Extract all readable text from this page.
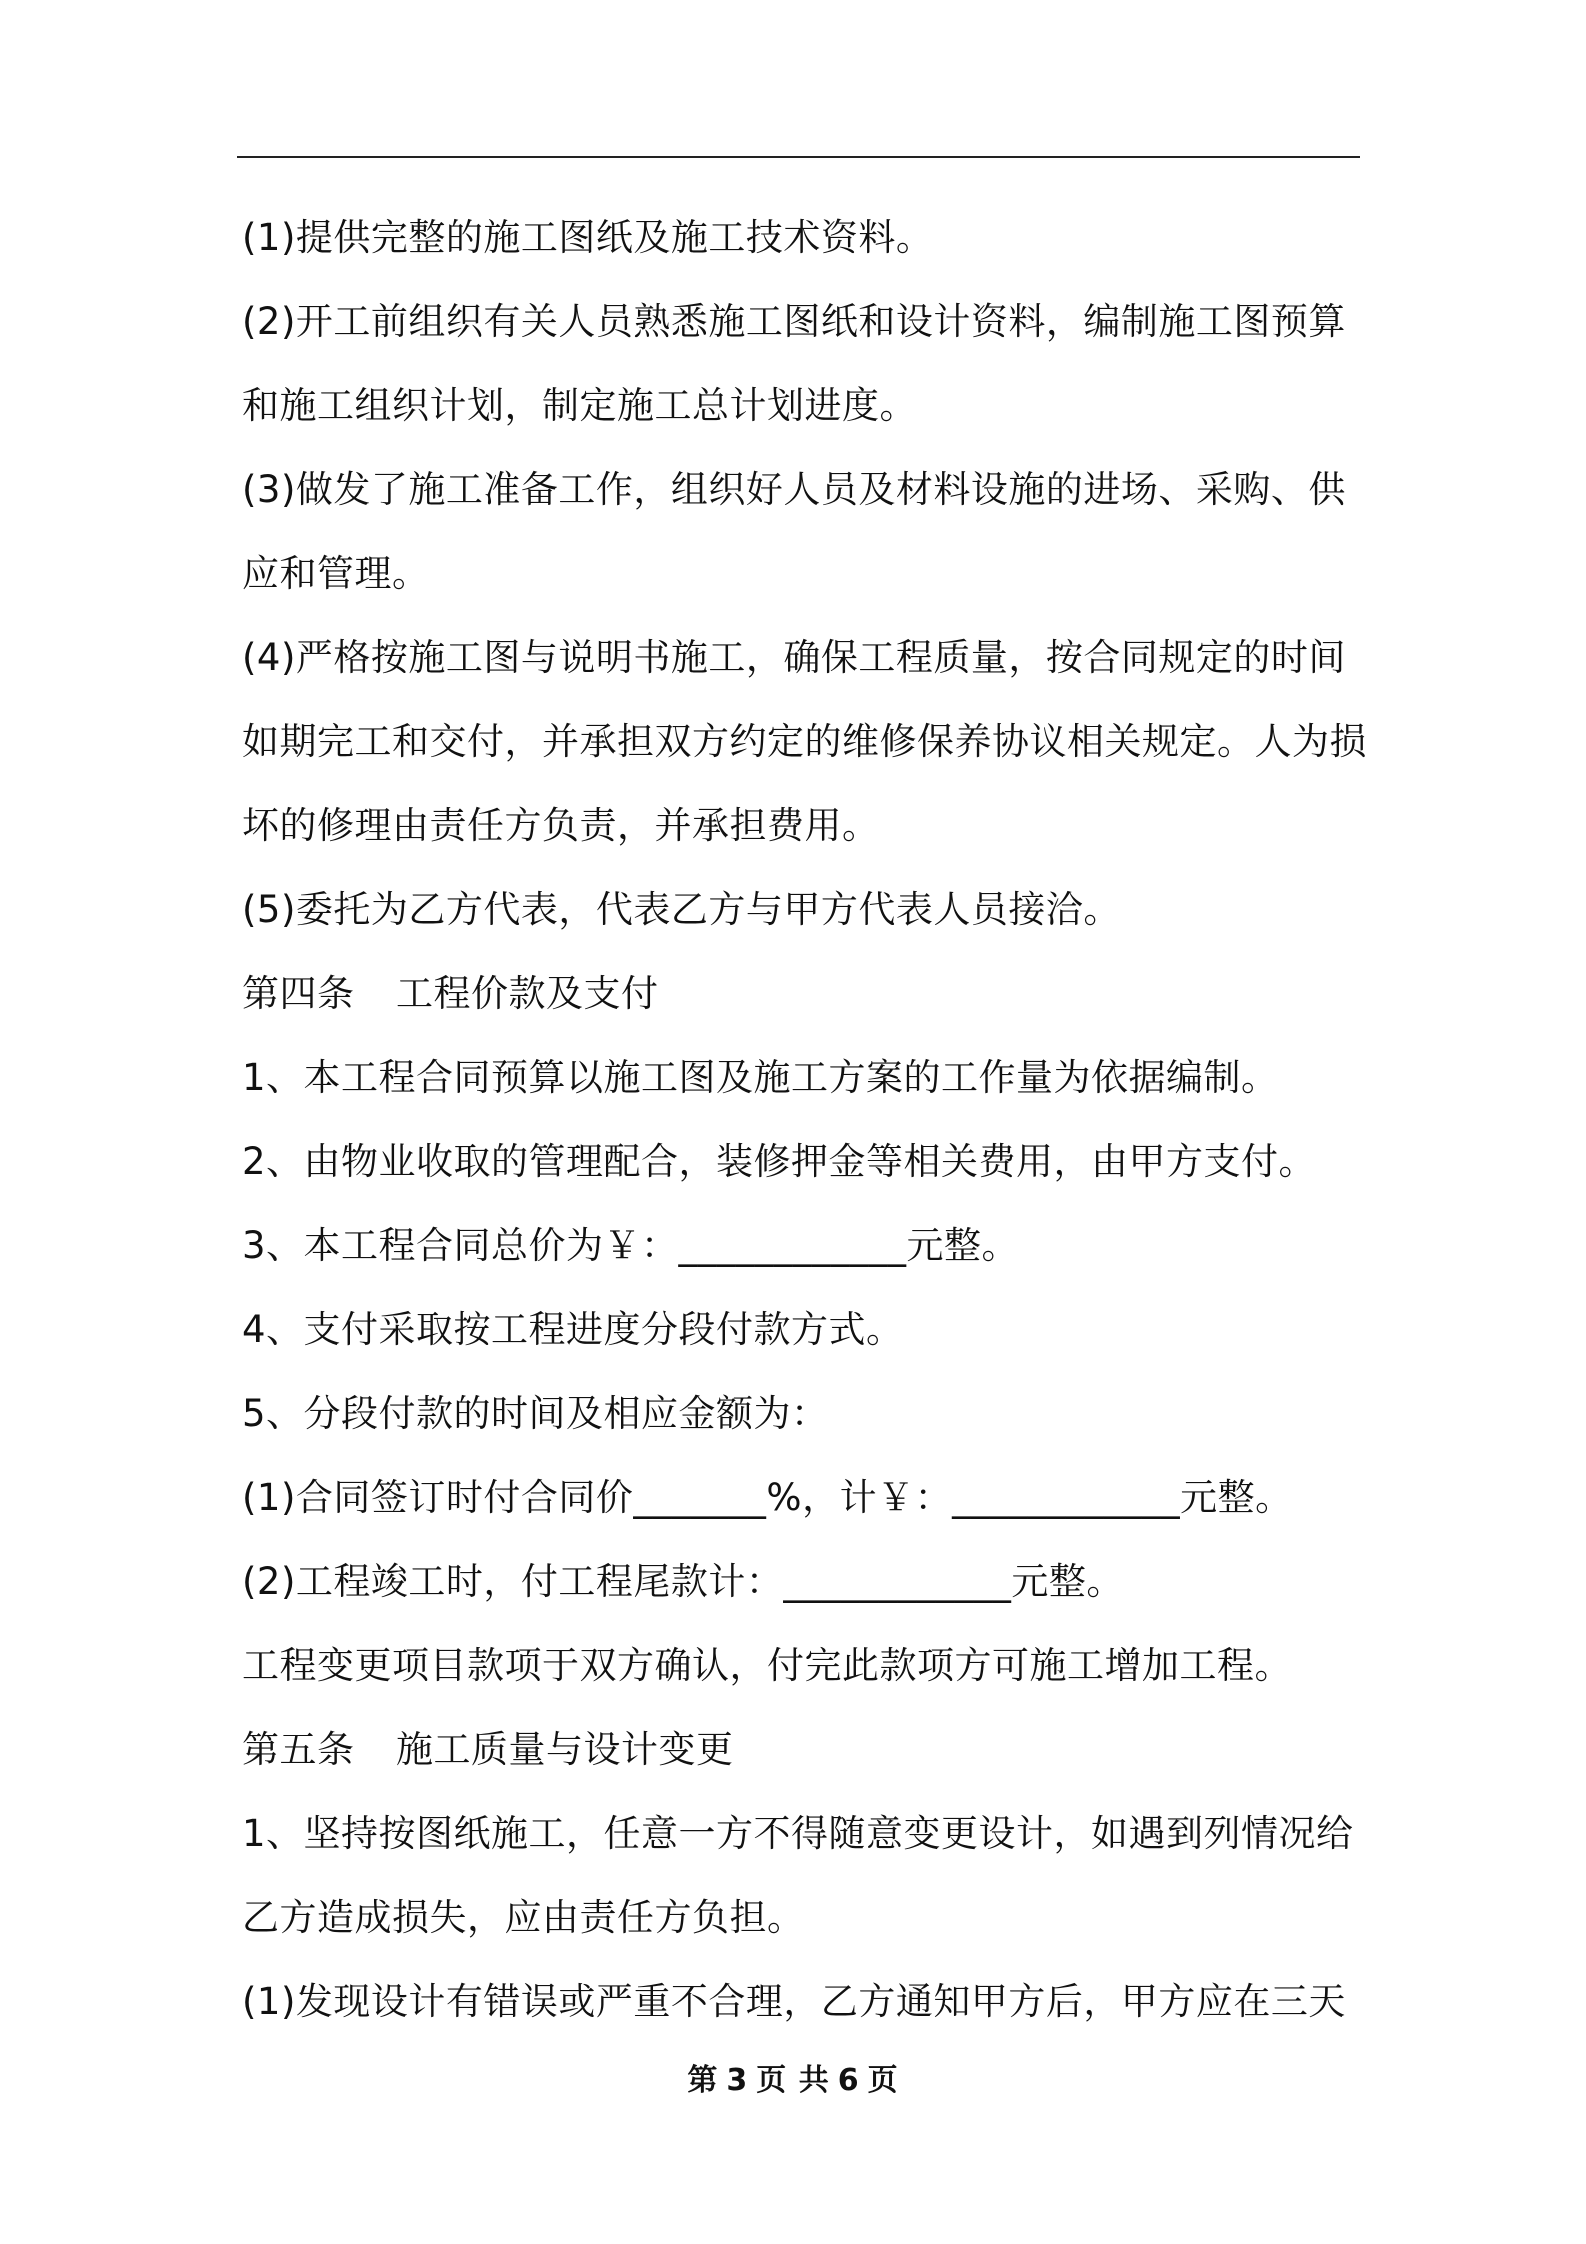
(1)提供完整的施工图纸及施工技术资料。
(2)开工前组织有关人员熟悉施工图纸和设计资料，编制施工图预算
和施工组织计划，制定施工总计划进度。
(3)做发了施工准备工作，组织好人员及材料设施的进场、采购、供
应和管理。
(4)严格按施工图与说明书施工，确保工程质量，按合同规定的时间
如期完工和交付，并承担双方约定的维修保养协议相关规定。人为损
坏的修理由责任方负责，并承担费用。
(5)委托为乙方代表，代表乙方与甲方代表人员接洽。
第四条 工程价款及支付
1、本工程合同预算以施工图及施工方案的工作量为依据编制。
2、由物业收取的管理配合，装修押金等相关费用，由甲方支付。
3、本工程合同总价为￥：____________元整。
4、支付采取按工程进度分段付款方式。
5、分段付款的时间及相应金额为：
(1)合同签订时付合同价_______%，计￥：____________元整。
(2)工程竣工时，付工程尾款计：____________元整。
工程变更项目款项于双方确认，付完此款项方可施工增加工程。
第五条 施工质量与设计变更
1、坚持按图纸施工，任意一方不得随意变更设计，如遇到列情况给
乙方造成损失，应由责任方负担。
(1)发现设计有错误或严重不合理，乙方通知甲方后，甲方应在三天
第 3 页 共 6 页
